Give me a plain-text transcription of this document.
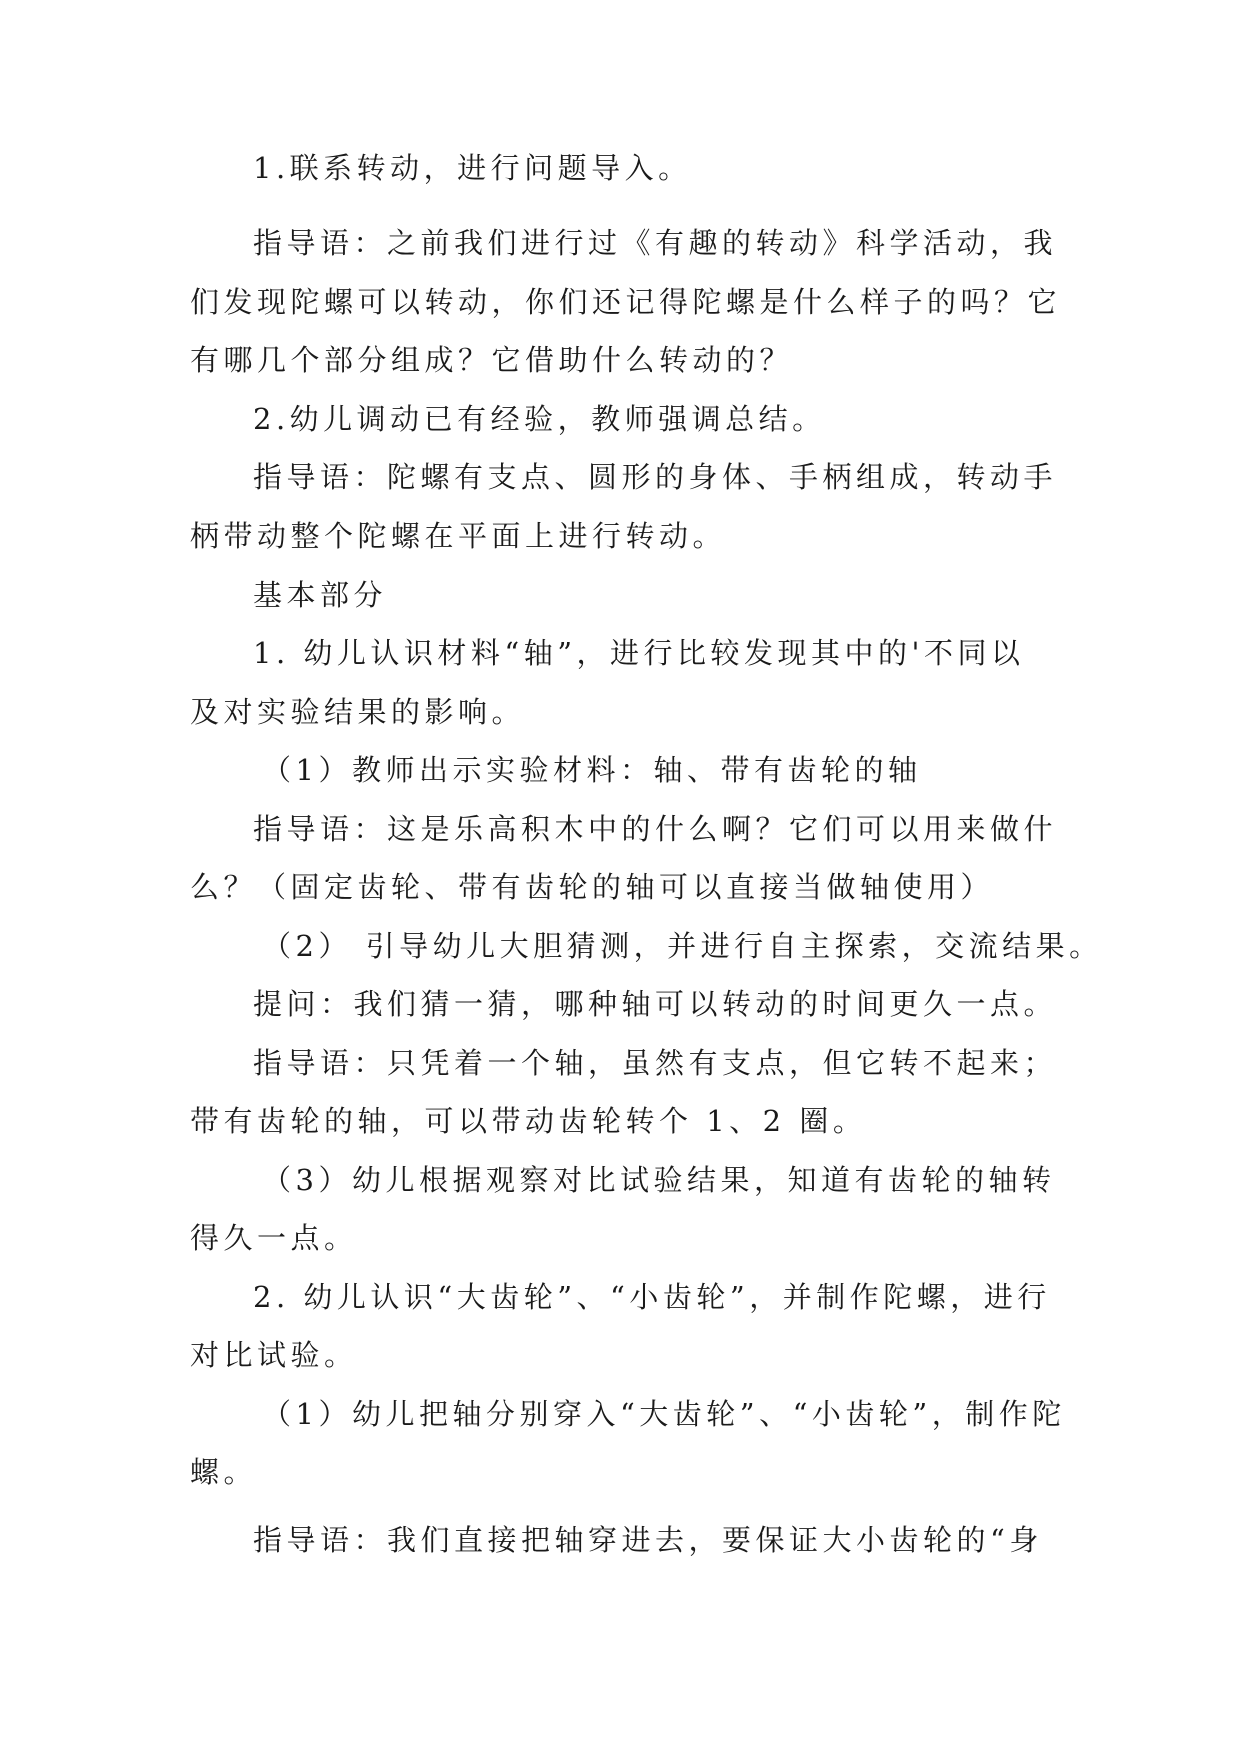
1.联系转动，进行问题导入。
指导语：之前我们进行过《有趣的转动》科学活动，我
们发现陀螺可以转动，你们还记得陀螺是什么样子的吗？它
有哪几个部分组成？它借助什么转动的？
2.幼儿调动已有经验，教师强调总结。
指导语：陀螺有支点、圆形的身体、手柄组成，转动手
柄带动整个陀螺在平面上进行转动。
基本部分
1. 幼儿认识材料“轴”，进行比较发现其中的'不同以
及对实验结果的影响。
（1）教师出示实验材料：轴、带有齿轮的轴
指导语：这是乐高积木中的什么啊？它们可以用来做什
么？（固定齿轮、带有齿轮的轴可以直接当做轴使用）
（2） 引导幼儿大胆猜测，并进行自主探索，交流结果。
提问：我们猜一猜，哪种轴可以转动的时间更久一点。
指导语：只凭着一个轴，虽然有支点，但它转不起来；
带有齿轮的轴，可以带动齿轮转个 1、2 圈。
（3）幼儿根据观察对比试验结果，知道有齿轮的轴转
得久一点。
2. 幼儿认识“大齿轮”、“小齿轮”，并制作陀螺，进行
对比试验。
（1）幼儿把轴分别穿入“大齿轮”、“小齿轮”，制作陀
螺。
指导语：我们直接把轴穿进去，要保证大小齿轮的“身
